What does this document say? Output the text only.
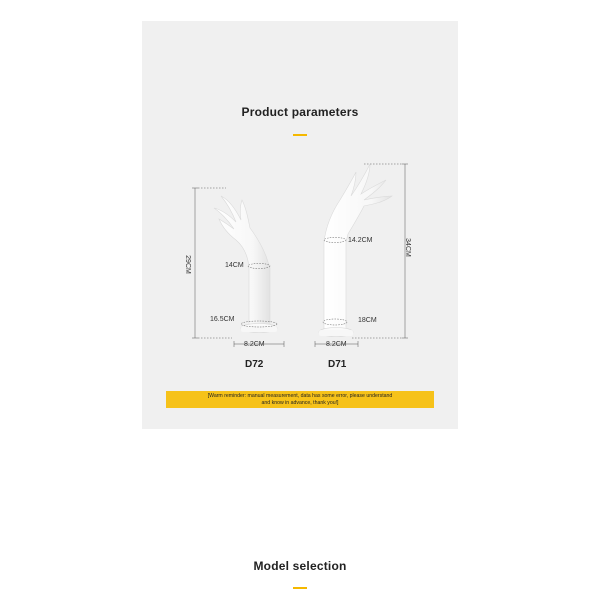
Product parameters
29CM	14CM
16.5CM
8.2CM
D72
34CM
14.2CM
18CM
8.2CM
D71
[Warm reminder: manual measurement, data has some error, please understand
and know in advance, thank you!]
Model selection
